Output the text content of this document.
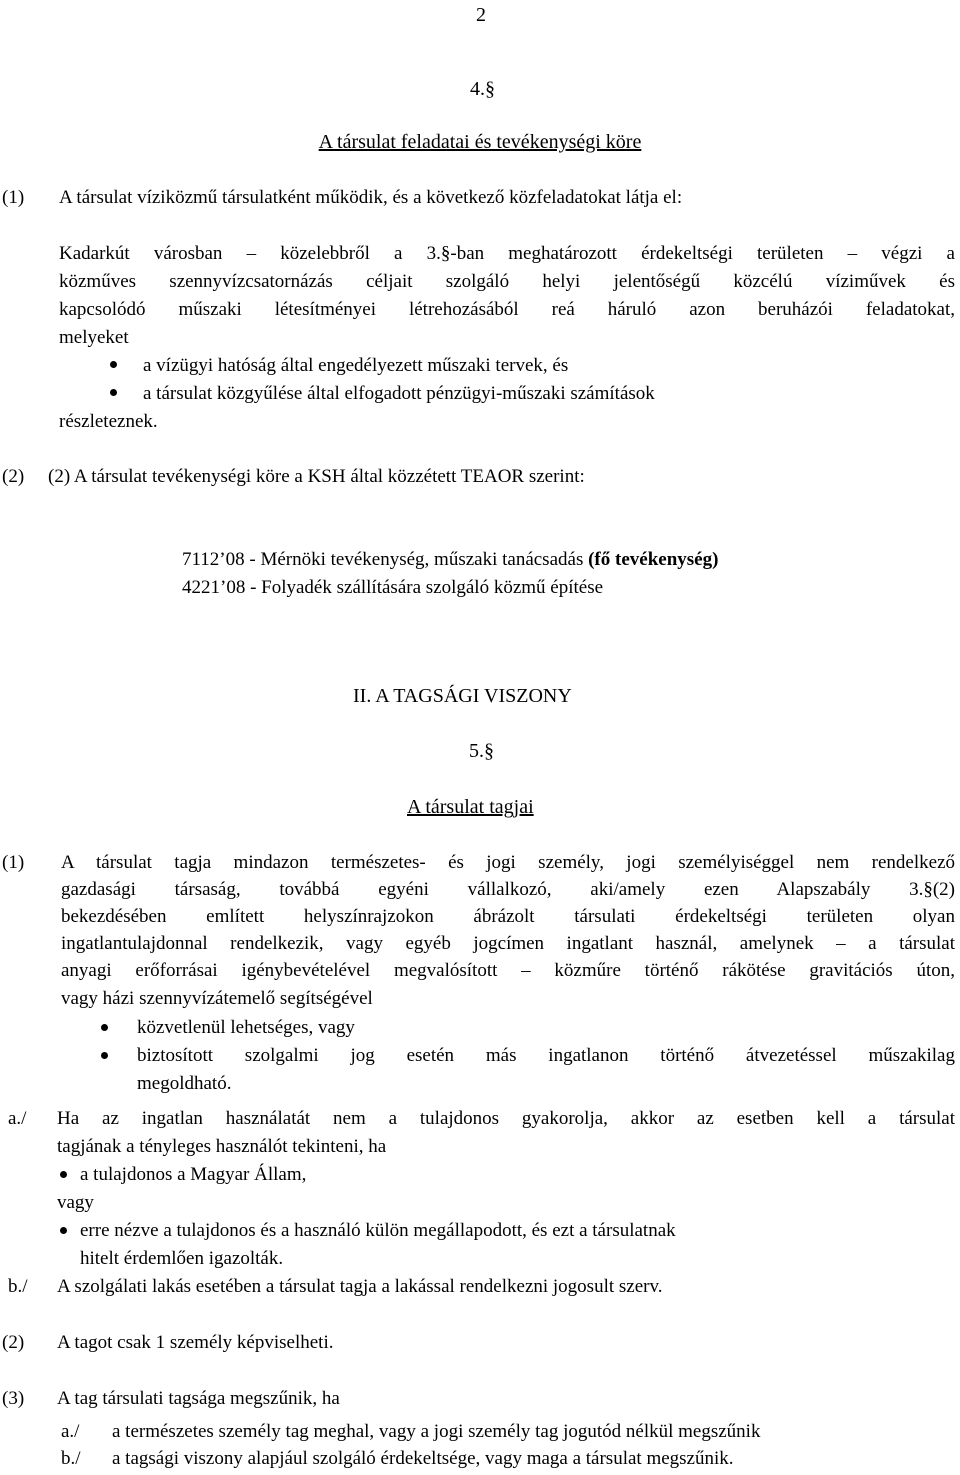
2
4.§
A társulat feladatai és tevékenységi köre
(1) A társulat víziközmű társulatként működik, és a következő közfeladatokat látja el:
Kadarkút városban – közelebbről a 3.§-ban meghatározott érdekeltségi területen – végzi a
közműves szennyvízcsatornázás céljait szolgáló helyi jelentőségű közcélú víziművek és
kapcsolódó műszaki létesítményei létrehozásából reá háruló azon beruházói feladatokat,
melyeket
a vízügyi hatóság által engedélyezett műszaki tervek, és
a társulat közgyűlése által elfogadott pénzügyi-műszaki számítások
részleteznek.
(2) (2) A társulat tevékenységi köre a KSH által közzétett TEAOR szerint:
7112’08 - Mérnöki tevékenység, műszaki tanácsadás (fő tevékenység)
4221’08 - Folyadék szállítására szolgáló közmű építése
II. A TAGSÁGI VISZONY
5.§
A társulat tagjai
(1) A társulat tagja mindazon természetes- és jogi személy, jogi személyiséggel nem rendelkező
gazdasági társaság, továbbá egyéni vállalkozó, aki/amely ezen Alapszabály 3.§(2)
bekezdésében említett helyszínrajzokon ábrázolt társulati érdekeltségi területen olyan
ingatlantulajdonnal rendelkezik, vagy egyéb jogcímen ingatlant használ, amelynek – a társulat
anyagi erőforrásai igénybevételével megvalósított – közműre történő rákötése gravitációs úton,
vagy házi szennyvízátemelő segítségével
közvetlenül lehetséges, vagy
biztosított szolgalmi jog esetén más ingatlanon történő átvezetéssel műszakilag
megoldható.
a./ Ha az ingatlan használatát nem a tulajdonos gyakorolja, akkor az esetben kell a társulat
tagjának a tényleges használót tekinteni, ha
a tulajdonos a Magyar Állam,
vagy
erre nézve a tulajdonos és a használó külön megállapodott, és ezt a társulatnak
hitelt érdemlően igazolták.
b./ A szolgálati lakás esetében a társulat tagja a lakással rendelkezni jogosult szerv.
(2) A tagot csak 1 személy képviselheti.
(3) A tag társulati tagsága megszűnik, ha
a./ a természetes személy tag meghal, vagy a jogi személy tag jogutód nélkül megszűnik
b./ a tagsági viszony alapjául szolgáló érdekeltsége, vagy maga a társulat megszűnik.
